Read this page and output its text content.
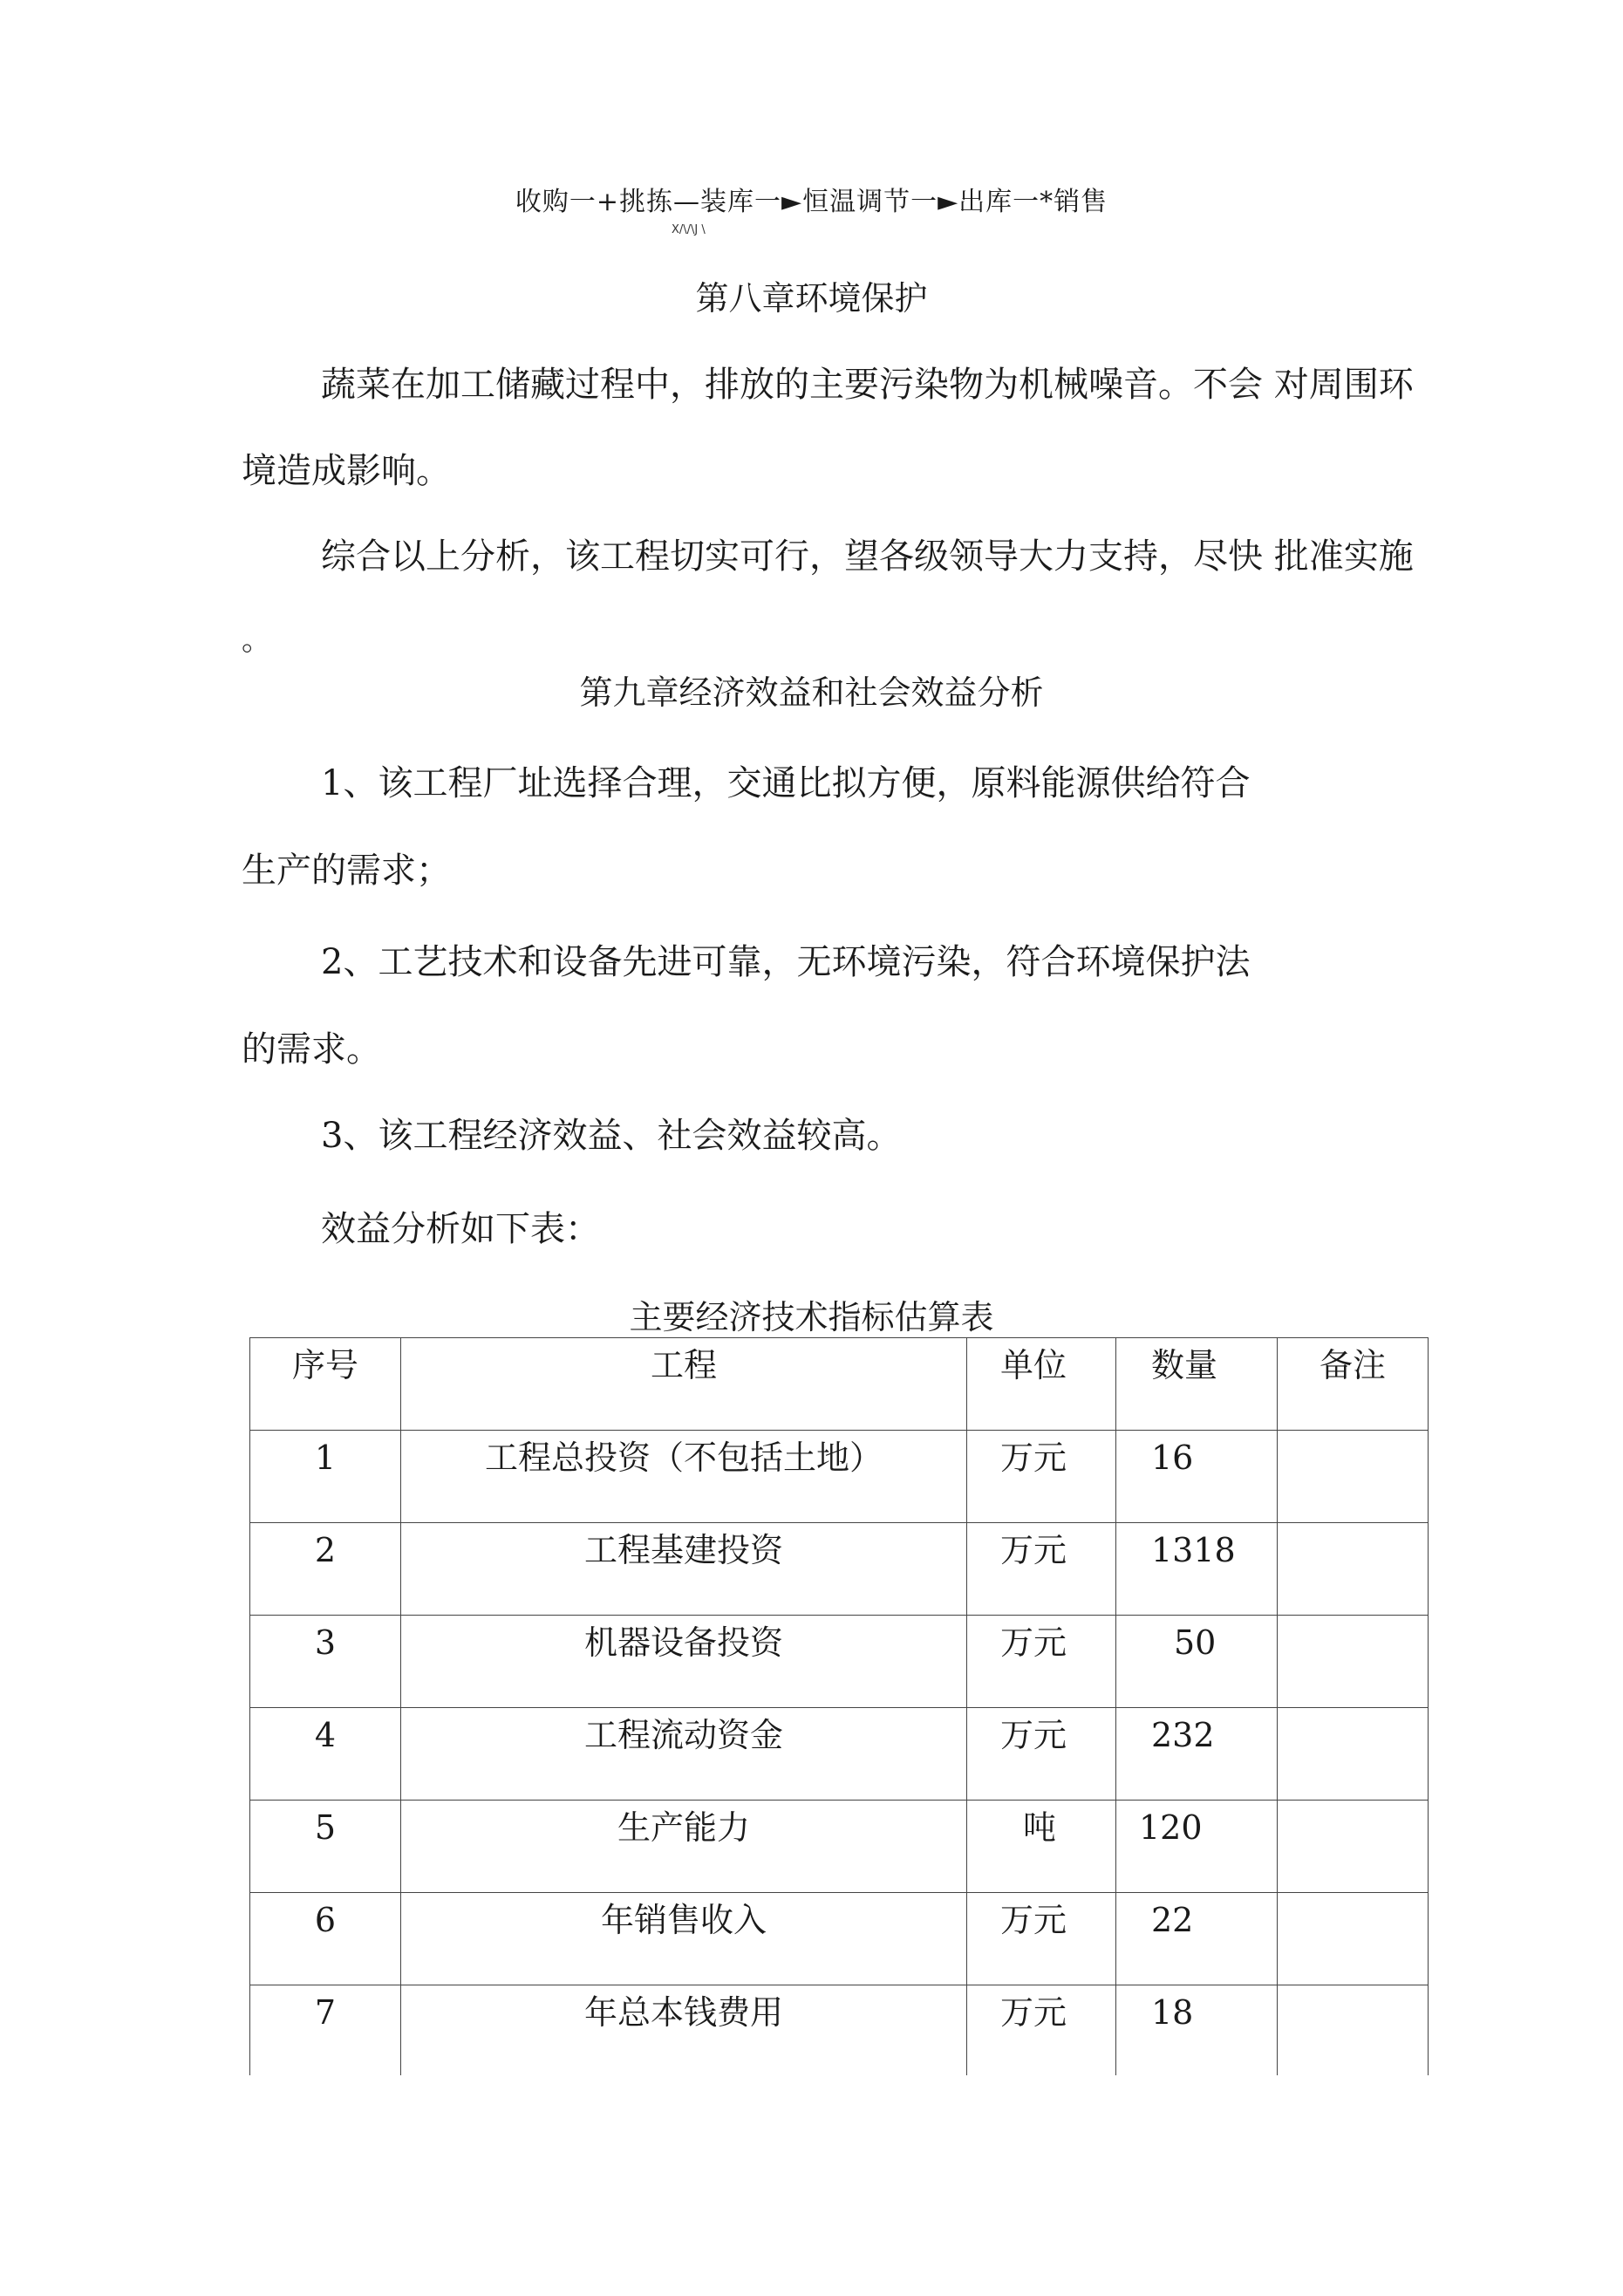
收购一+挑拣—装库一►恒温调节一►出库一*销售
X/\/\J \
第八章环境保护
蔬菜在加工储藏过程中，排放的主要污染物为机械噪音。不会 对周围环
境造成影响。
综合以上分析，该工程切实可行，望各级领导大力支持，尽快 批准实施
。
第九章经济效益和社会效益分析
1、该工程厂址选择合理，交通比拟方便，原料能源供给符合
生产的需求；
2、工艺技术和设备先进可靠，无环境污染，符合环境保护法
的需求。
3、该工程经济效益、社会效益较高。
效益分析如下表：
主要经济技术指标估算表
序号	工程	单位	数量	备注
1	工程总投资（不包括土地）	万元	16	
2	工程基建投资	万元	1318	
3	机器设备投资	万元	50	
4	工程流动资金	万元	232	
5	生产能力	吨	120	
6	年销售收入	万元	22	
7	年总本钱费用	万元	18	
